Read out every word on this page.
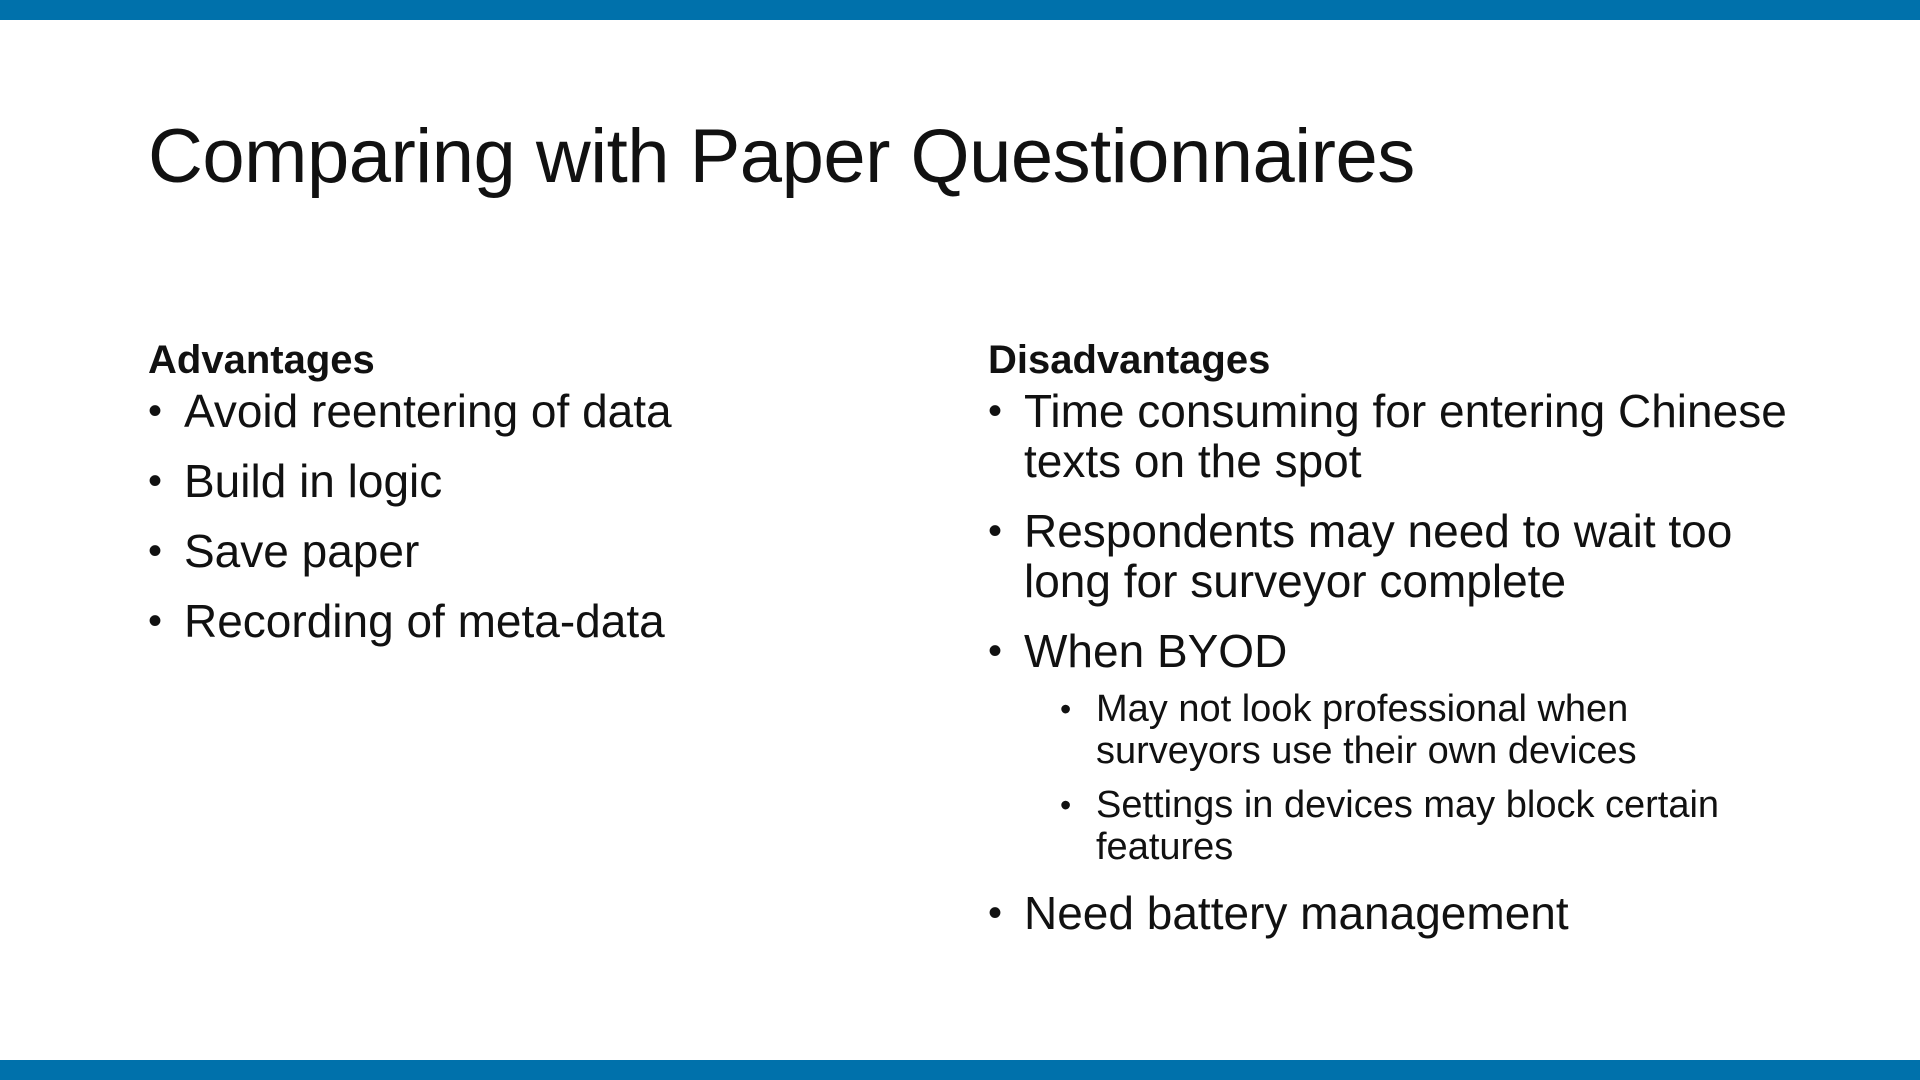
Comparing with Paper Questionnaires
Advantages
• Avoid reentering of data
• Build in logic
• Save paper
• Recording of meta-data
Disadvantages
• Time consuming for entering Chinese texts on the spot
• Respondents may need to wait too long for surveyor complete
• When BYOD
• May not look professional when surveyors use their own devices
• Settings in devices may block certain features
• Need battery management
